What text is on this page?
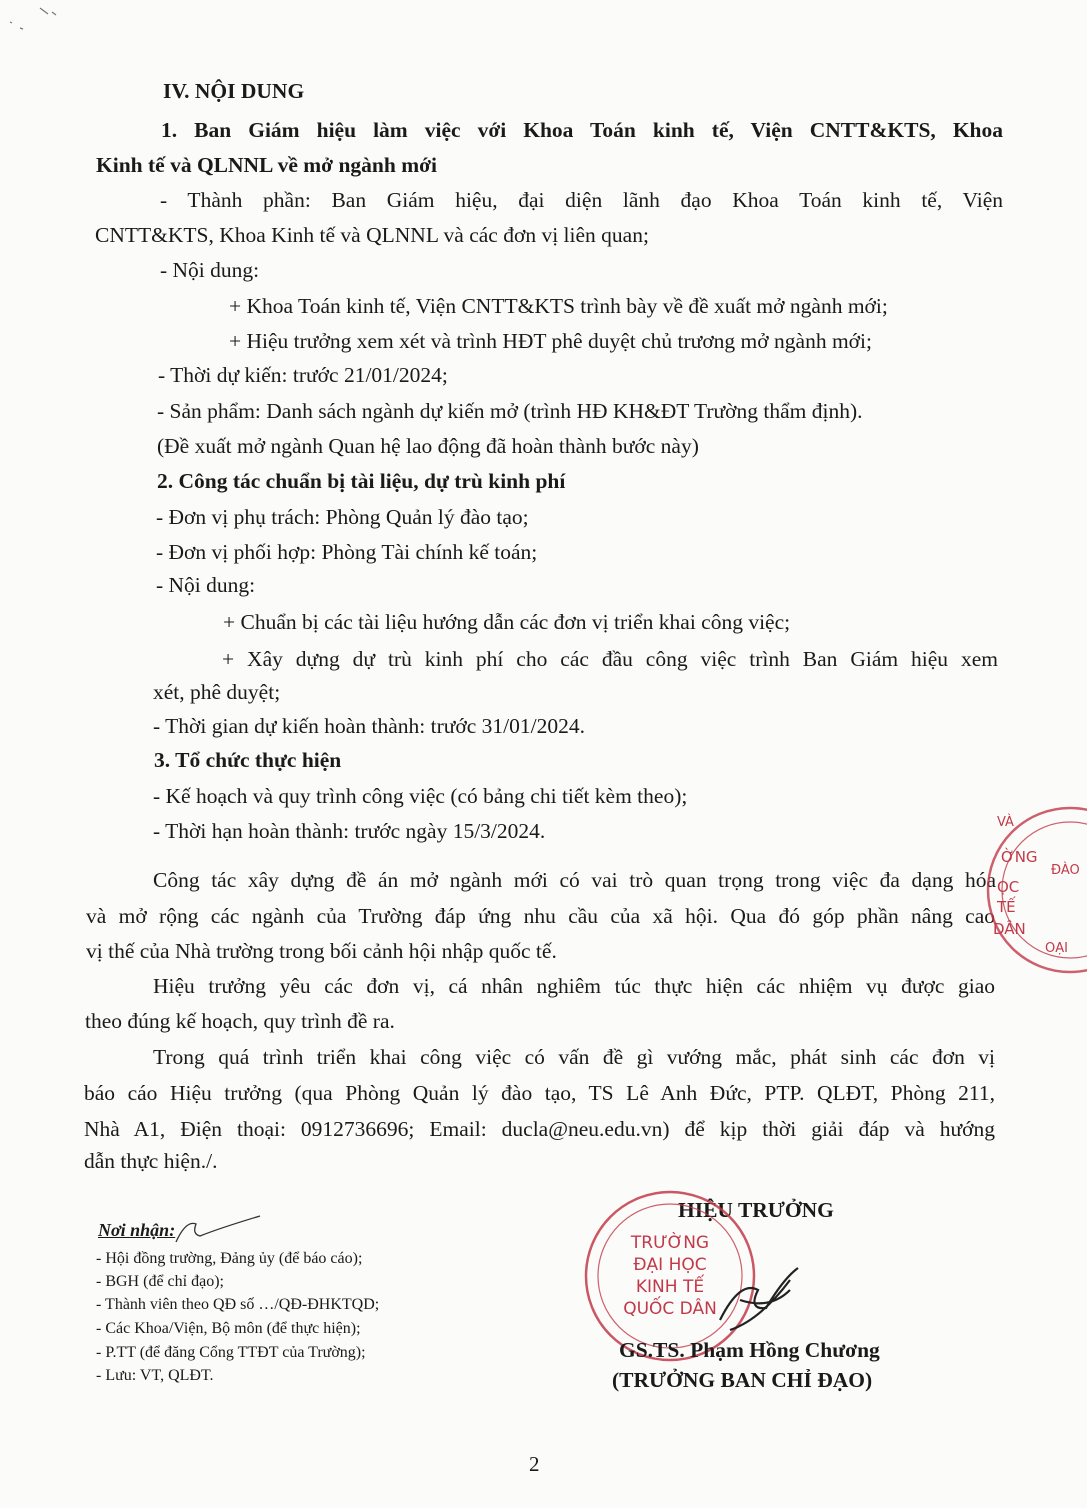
IV. NỘI DUNG
1. Ban Giám hiệu làm việc với Khoa Toán kinh tế, Viện CNTT&KTS, Khoa
Kinh tế và QLNNL về mở ngành mới
- Thành phần: Ban Giám hiệu, đại diện lãnh đạo Khoa Toán kinh tế, Viện
CNTT&KTS, Khoa Kinh tế và QLNNL và các đơn vị liên quan;
- Nội dung:
+ Khoa Toán kinh tế, Viện CNTT&KTS trình bày về đề xuất mở ngành mới;
+ Hiệu trưởng xem xét và trình HĐT phê duyệt chủ trương mở ngành mới;
- Thời dự kiến: trước 21/01/2024;
- Sản phẩm: Danh sách ngành dự kiến mở (trình HĐ KH&ĐT Trường thẩm định).
(Đề xuất mở ngành Quan hệ lao động đã hoàn thành bước này)
2. Công tác chuẩn bị tài liệu, dự trù kinh phí
- Đơn vị phụ trách: Phòng Quản lý đào tạo;
- Đơn vị phối hợp: Phòng Tài chính kế toán;
- Nội dung:
+ Chuẩn bị các tài liệu hướng dẫn các đơn vị triển khai công việc;
+ Xây dựng dự trù kinh phí cho các đầu công việc trình Ban Giám hiệu xem
xét, phê duyệt;
- Thời gian dự kiến hoàn thành: trước 31/01/2024.
3. Tổ chức thực hiện
- Kế hoạch và quy trình công việc (có bảng chi tiết kèm theo);
- Thời hạn hoàn thành: trước ngày 15/3/2024.
Công tác xây dựng đề án mở ngành mới có vai trò quan trọng trong việc đa dạng hóa
và mở rộng các ngành của Trường đáp ứng nhu cầu của xã hội. Qua đó góp phần nâng cao
vị thế của Nhà trường trong bối cảnh hội nhập quốc tế.
Hiệu trưởng yêu các đơn vị, cá nhân nghiêm túc thực hiện các nhiệm vụ được giao
theo đúng kế hoạch, quy trình đề ra.
Trong quá trình triển khai công việc có vấn đề gì vướng mắc, phát sinh các đơn vị
báo cáo Hiệu trưởng (qua Phòng Quản lý đào tạo, TS Lê Anh Đức, PTP. QLĐT, Phòng 211,
Nhà A1, Điện thoại: 0912736696; Email: ducla@neu.edu.vn) để kịp thời giải đáp và hướng
dẫn thực hiện./.
Nơi nhận:
- Hội đồng trường, Đảng ủy (để báo cáo);
- BGH (để chỉ đạo);
- Thành viên theo QĐ số …/QĐ-ĐHKTQD;
- Các Khoa/Viện, Bộ môn (để thực hiện);
- P.TT (để đăng Cổng TTĐT của Trường);
- Lưu: VT, QLĐT.
HIỆU TRƯỞNG
TRƯỜNG
ĐẠI HỌC
KINH TẾ
QUỐC DÂN
GS.TS. Phạm Hồng Chương
(TRƯỞNG BAN CHỈ ĐẠO)
VÀ
ỜNG
ỌC
TẾ
DÂN
ĐÀO
OẠI
2
